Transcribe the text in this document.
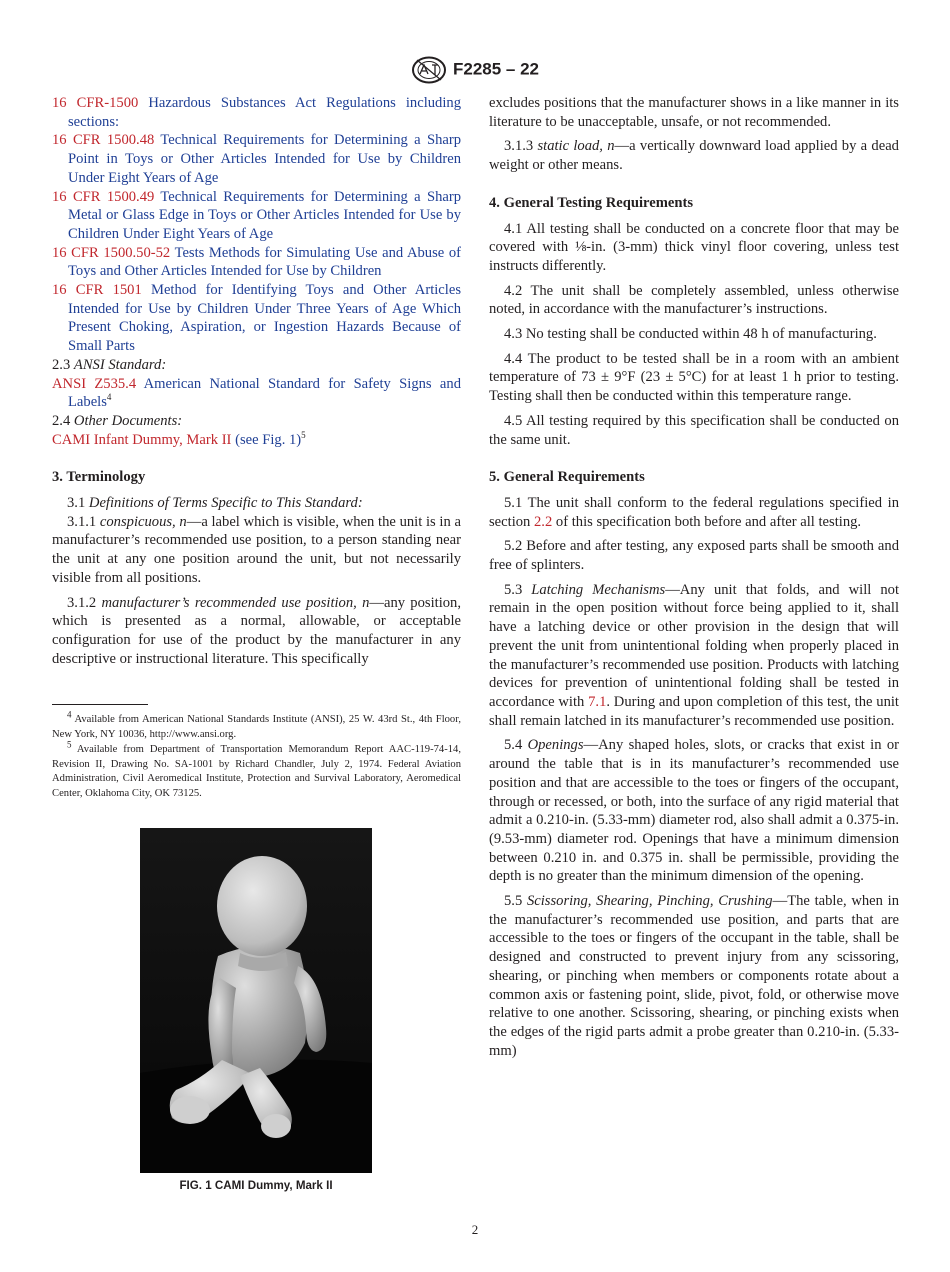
F2285 – 22

16 CFR-1500 Hazardous Substances Act Regulations including sections:

16 CFR 1500.48 Technical Requirements for Determining a Sharp Point in Toys or Other Articles Intended for Use by Children Under Eight Years of Age

16 CFR 1500.49 Technical Requirements for Determining a Sharp Metal or Glass Edge in Toys or Other Articles Intended for Use by Children Under Eight Years of Age

16 CFR 1500.50-52 Tests Methods for Simulating Use and Abuse of Toys and Other Articles Intended for Use by Children

16 CFR 1501 Method for Identifying Toys and Other Articles Intended for Use by Children Under Three Years of Age Which Present Choking, Aspiration, or Ingestion Hazards Because of Small Parts

2.3 ANSI Standard:

ANSI Z535.4 American National Standard for Safety Signs and Labels$^4$

2.4 Other Documents:

CAMI Infant Dummy, Mark II (see Fig. 1)$^5$

3. Terminology

3.1 Definitions of Terms Specific to This Standard:

3.1.1 conspicuous, n—a label which is visible, when the unit is in a manufacturer’s recommended use position, to a person standing near the unit at any one position around the unit, but not necessarily visible from all positions.

3.1.2 manufacturer’s recommended use position, n—any position, which is presented as a normal, allowable, or acceptable configuration for use of the product by the manufacturer in any descriptive or instructional literature. This specifically

$^4$ Available from American National Standards Institute (ANSI), 25 W. 43rd St., 4th Floor, New York, NY 10036, http://www.ansi.org.

$^5$ Available from Department of Transportation Memorandum Report AAC-119-74-14, Revision II, Drawing No. SA-1001 by Richard Chandler, July 2, 1974. Federal Aviation Administration, Civil Aeromedical Institute, Protection and Survival Laboratory, Aeromedical Center, Oklahoma City, OK 73125.

FIG. 1 CAMI Dummy, Mark II

excludes positions that the manufacturer shows in a like manner in its literature to be unacceptable, unsafe, or not recommended.

3.1.3 static load, n—a vertically downward load applied by a dead weight or other means.

4. General Testing Requirements

4.1 All testing shall be conducted on a concrete floor that may be covered with ⅛-in. (3-mm) thick vinyl floor covering, unless test instructs differently.

4.2 The unit shall be completely assembled, unless otherwise noted, in accordance with the manufacturer’s instructions.

4.3 No testing shall be conducted within 48 h of manufacturing.

4.4 The product to be tested shall be in a room with an ambient temperature of 73 ± 9°F (23 ± 5°C) for at least 1 h prior to testing. Testing shall then be conducted within this temperature range.

4.5 All testing required by this specification shall be conducted on the same unit.

5. General Requirements

5.1 The unit shall conform to the federal regulations specified in section 2.2 of this specification both before and after all testing.

5.2 Before and after testing, any exposed parts shall be smooth and free of splinters.

5.3 Latching Mechanisms—Any unit that folds, and will not remain in the open position without force being applied to it, shall have a latching device or other provision in the design that will prevent the unit from unintentional folding when properly placed in the manufacturer’s recommended use position. Products with latching devices for prevention of unintentional folding shall be tested in accordance with 7.1. During and upon completion of this test, the unit shall remain latched in its manufacturer’s recommended use position.

5.4 Openings—Any shaped holes, slots, or cracks that exist in or around the table that is in its manufacturer’s recommended use position and that are accessible to the toes or fingers of the occupant, through or recessed, or both, into the surface of any rigid material that admit a 0.210-in. (5.33-mm) diameter rod, also shall admit a 0.375-in. (9.53-mm) diameter rod. Openings that have a minimum dimension between 0.210 in. and 0.375 in. shall be permissible, providing the depth is no greater than the minimum dimension of the opening.

5.5 Scissoring, Shearing, Pinching, Crushing—The table, when in the manufacturer’s recommended use position, and parts that are accessible to the toes or fingers of the occupant in the table, shall be designed and constructed to prevent injury from any scissoring, shearing, or pinching when members or components rotate about a common axis or fastening point, slide, pivot, fold, or otherwise move relative to one another. Scissoring, shearing, or pinching exists when the edges of the rigid parts admit a probe greater than 0.210-in. (5.33-mm)

2
